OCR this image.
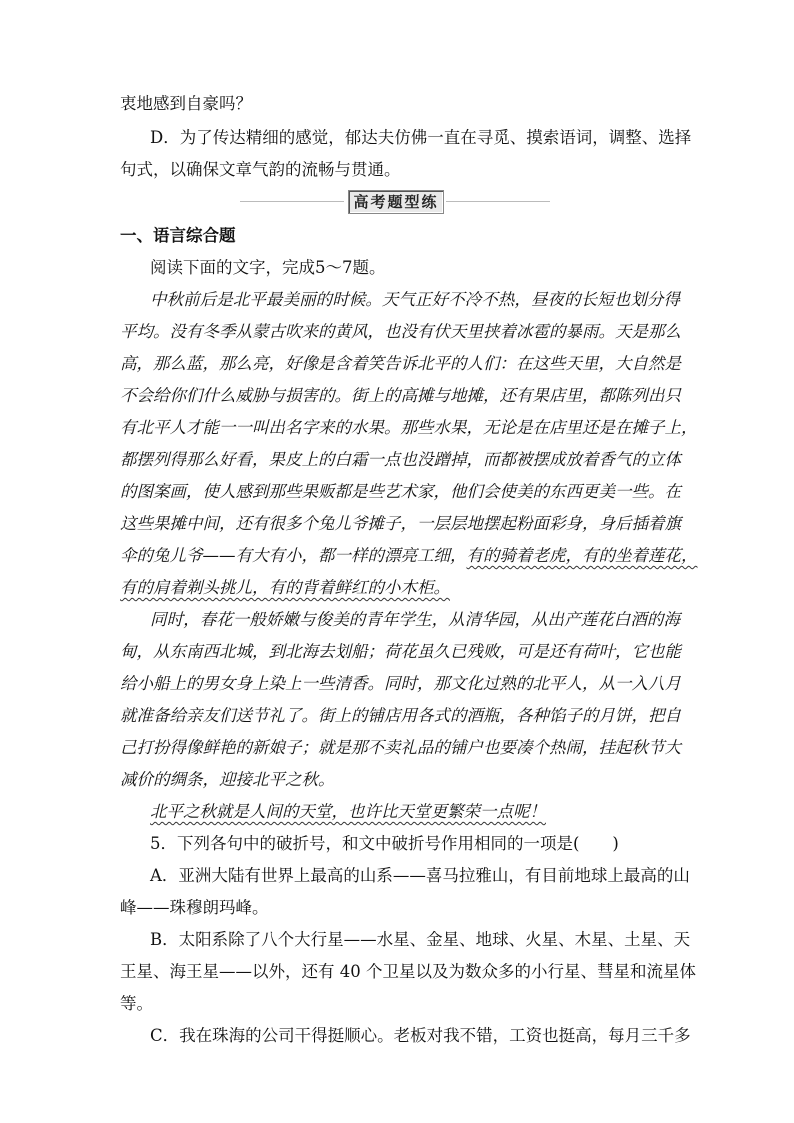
衷地感到自豪吗？
D．为了传达精细的感觉，郁达夫仿佛一直在寻觅、摸索语词，调整、选择
句式，以确保文章气韵的流畅与贯通。
高考题型练
一、语言综合题
阅读下面的文字，完成5～7题。
中秋前后是北平最美丽的时候。天气正好不冷不热，昼夜的长短也划分得
平均。没有冬季从蒙古吹来的黄风，也没有伏天里挟着冰雹的暴雨。天是那么
高，那么蓝，那么亮，好像是含着笑告诉北平的人们：在这些天里，大自然是
不会给你们什么威胁与损害的。街上的高摊与地摊，还有果店里，都陈列出只
有北平人才能一一叫出名字来的水果。那些水果，无论是在店里还是在摊子上，
都摆列得那么好看，果皮上的白霜一点也没蹭掉，而都被摆成放着香气的立体
的图案画，使人感到那些果贩都是些艺术家，他们会使美的东西更美一些。在
这些果摊中间，还有很多个兔儿爷摊子，一层层地摆起粉面彩身，身后插着旗
伞的兔儿爷——有大有小，都一样的漂亮工细，有的骑着老虎，有的坐着莲花，
有的肩着剃头挑儿，有的背着鲜红的小木柜。
同时，春花一般娇嫩与俊美的青年学生，从清华园，从出产莲花白酒的海
甸，从东南西北城，到北海去划船；荷花虽久已残败，可是还有荷叶，它也能
给小船上的男女身上染上一些清香。同时，那文化过熟的北平人，从一入八月
就准备给亲友们送节礼了。街上的铺店用各式的酒瓶，各种馅子的月饼，把自
己打扮得像鲜艳的新娘子；就是那不卖礼品的铺户也要凑个热闹，挂起秋节大
减价的绸条，迎接北平之秋。
北平之秋就是人间的天堂，也许比天堂更繁荣一点呢！
5．下列各句中的破折号，和文中破折号作用相同的一项是(　　)
A．亚洲大陆有世界上最高的山系——喜马拉雅山，有目前地球上最高的山
峰——珠穆朗玛峰。
B．太阳系除了八个大行星——水星、金星、地球、火星、木星、土星、天
王星、海王星——以外，还有 40 个卫星以及为数众多的小行星、彗星和流星体
等。
C．我在珠海的公司干得挺顺心。老板对我不错，工资也挺高，每月三千多
